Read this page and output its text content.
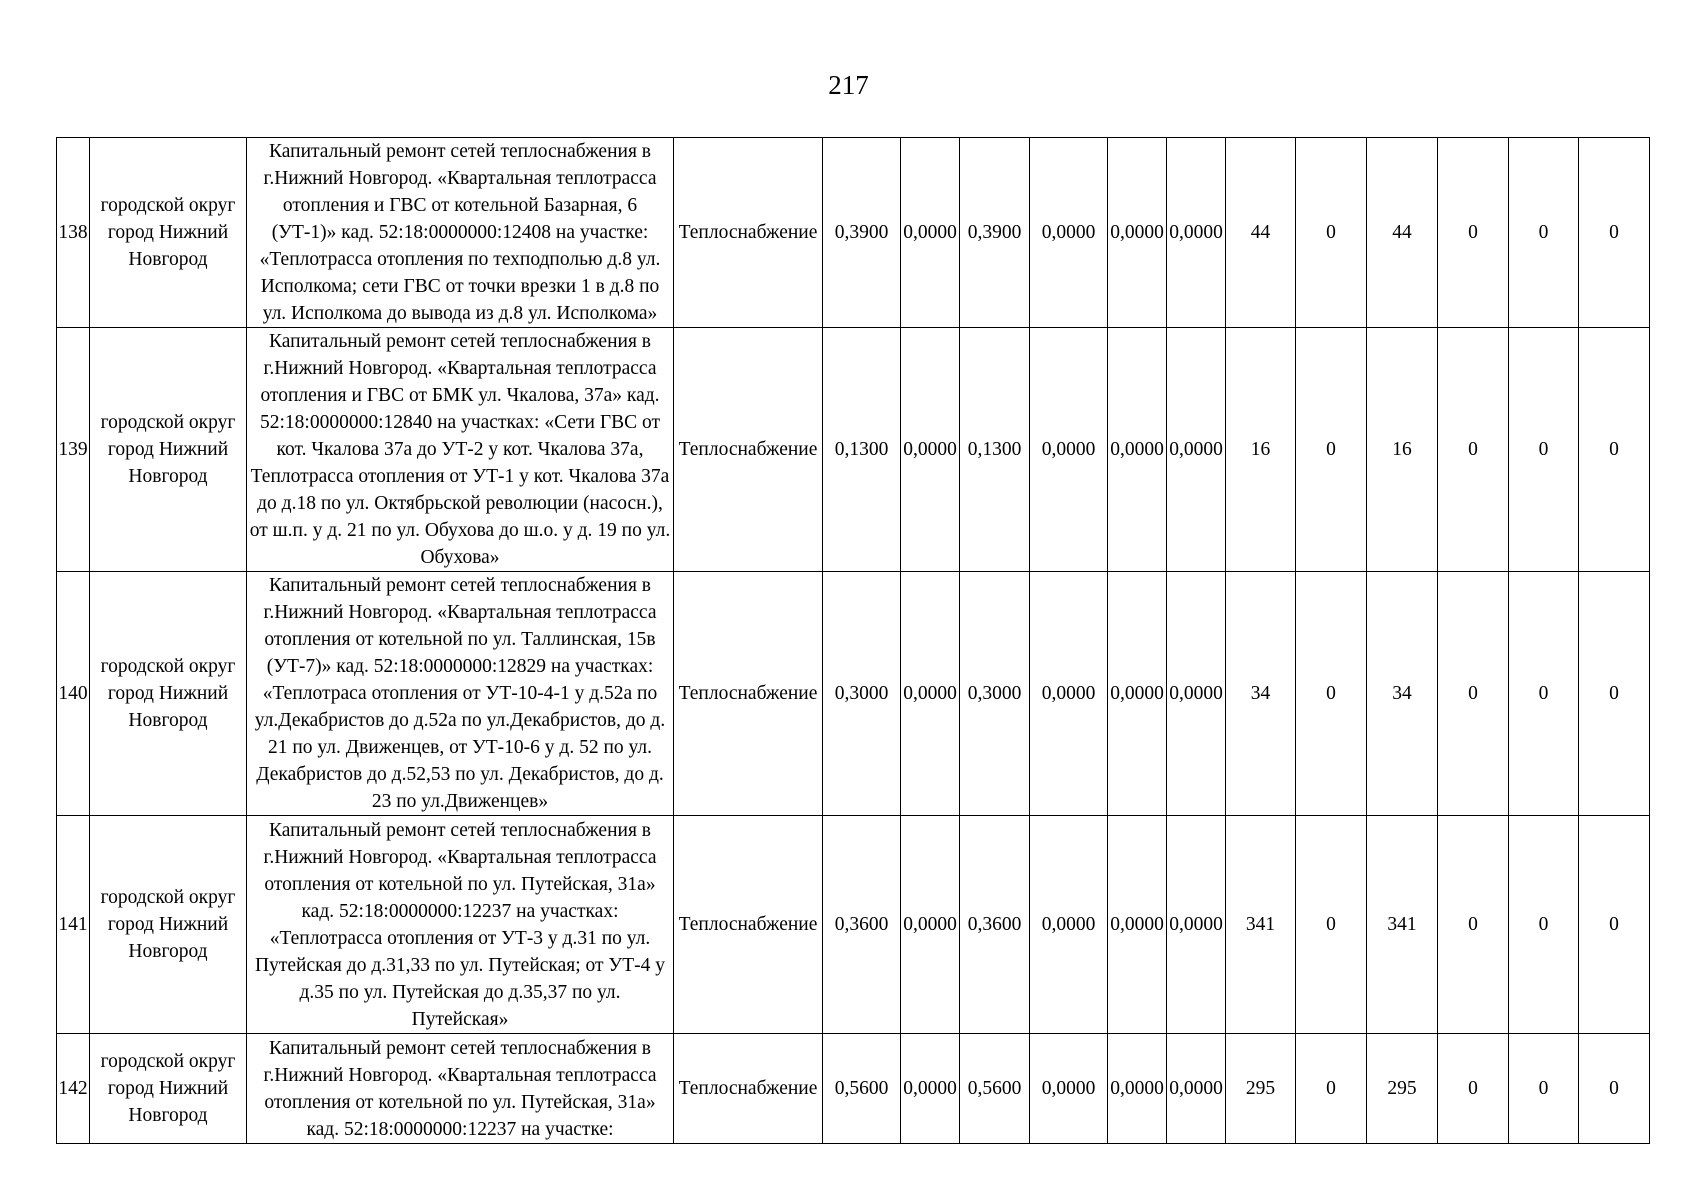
217
138	городской округ город Нижний Новгород	Капитальный ремонт сетей теплоснабжения в г.Нижний Новгород. «Квартальная теплотрасса отопления и ГВС от котельной Базарная, 6 (УТ-1)» кад. 52:18:0000000:12408 на участке: «Теплотрасса отопления по техподполью д.8 ул. Исполкома; сети ГВС от точки врезки 1 в д.8 по ул. Исполкома до вывода из д.8 ул. Исполкома»	Теплоснабжение	0,3900	0,0000	0,3900	0,0000	0,0000	0,0000	44	0	44	0	0	0
139	городской округ город Нижний Новгород	Капитальный ремонт сетей теплоснабжения в г.Нижний Новгород. «Квартальная теплотрасса отопления и ГВС от БМК ул. Чкалова, 37а» кад. 52:18:0000000:12840 на участках: «Сети ГВС от кот. Чкалова 37а до УТ-2 у кот. Чкалова 37а, Теплотрасса отопления от УТ-1 у кот. Чкалова 37а до д.18 по ул. Октябрьской революции (насосн.), от ш.п. у д. 21 по ул. Обухова до ш.о. у д. 19 по ул. Обухова»	Теплоснабжение	0,1300	0,0000	0,1300	0,0000	0,0000	0,0000	16	0	16	0	0	0
140	городской округ город Нижний Новгород	Капитальный ремонт сетей теплоснабжения в г.Нижний Новгород. «Квартальная теплотрасса отопления от котельной по ул. Таллинская, 15в (УТ-7)» кад. 52:18:0000000:12829 на участках: «Теплотраса отопления от УТ-10-4-1 у д.52а по ул.Декабристов до д.52а по ул.Декабристов, до д. 21 по ул. Движенцев, от УТ-10-6 у д. 52 по ул. Декабристов до д.52,53 по ул. Декабристов, до д. 23 по ул.Движенцев»	Теплоснабжение	0,3000	0,0000	0,3000	0,0000	0,0000	0,0000	34	0	34	0	0	0
141	городской округ город Нижний Новгород	Капитальный ремонт сетей теплоснабжения в г.Нижний Новгород. «Квартальная теплотрасса отопления от котельной по ул. Путейская, 31а» кад. 52:18:0000000:12237 на участках: «Теплотрасса отопления от УТ-3 у д.31 по ул. Путейская до д.31,33 по ул. Путейская; от УТ-4 у д.35 по ул. Путейская до д.35,37 по ул. Путейская»	Теплоснабжение	0,3600	0,0000	0,3600	0,0000	0,0000	0,0000	341	0	341	0	0	0
142	городской округ город Нижний Новгород	Капитальный ремонт сетей теплоснабжения в г.Нижний Новгород. «Квартальная теплотрасса отопления от котельной по ул. Путейская, 31а» кад. 52:18:0000000:12237 на участке:	Теплоснабжение	0,5600	0,0000	0,5600	0,0000	0,0000	0,0000	295	0	295	0	0	0
